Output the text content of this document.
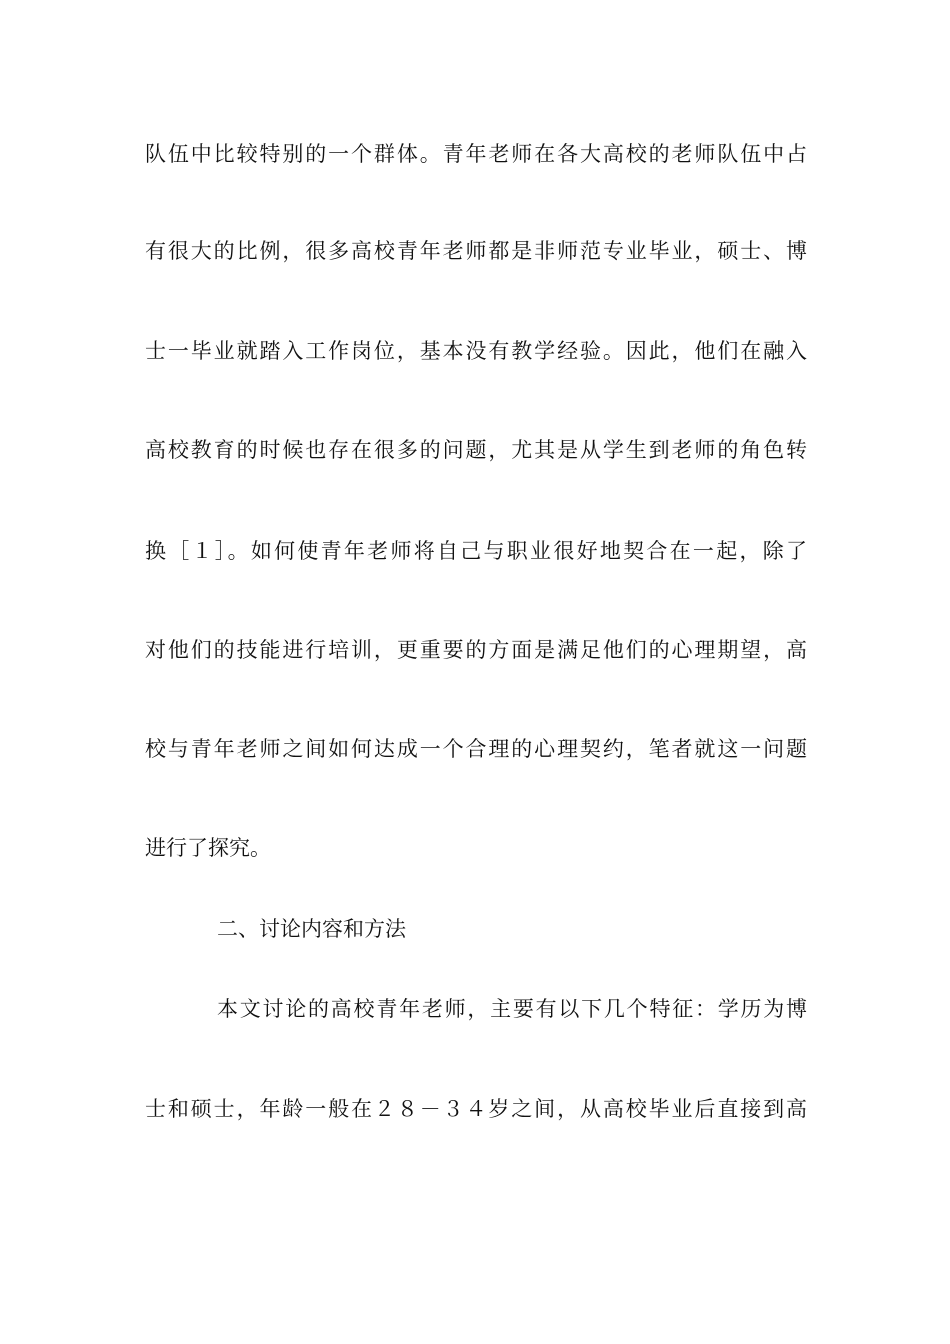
队伍中比较特别的一个群体。青年老师在各大高校的老师队伍中占
有很大的比例，很多高校青年老师都是非师范专业毕业，硕士、博
士一毕业就踏入工作岗位，基本没有教学经验。因此，他们在融入
高校教育的时候也存在很多的问题，尤其是从学生到老师的角色转
换［１］。如何使青年老师将自己与职业很好地契合在一起，除了
对他们的技能进行培训，更重要的方面是满足他们的心理期望，高
校与青年老师之间如何达成一个合理的心理契约，笔者就这一问题
进行了探究。
二、讨论内容和方法
本文讨论的高校青年老师，主要有以下几个特征：学历为博
士和硕士，年龄一般在２８－３４岁之间，从高校毕业后直接到高
